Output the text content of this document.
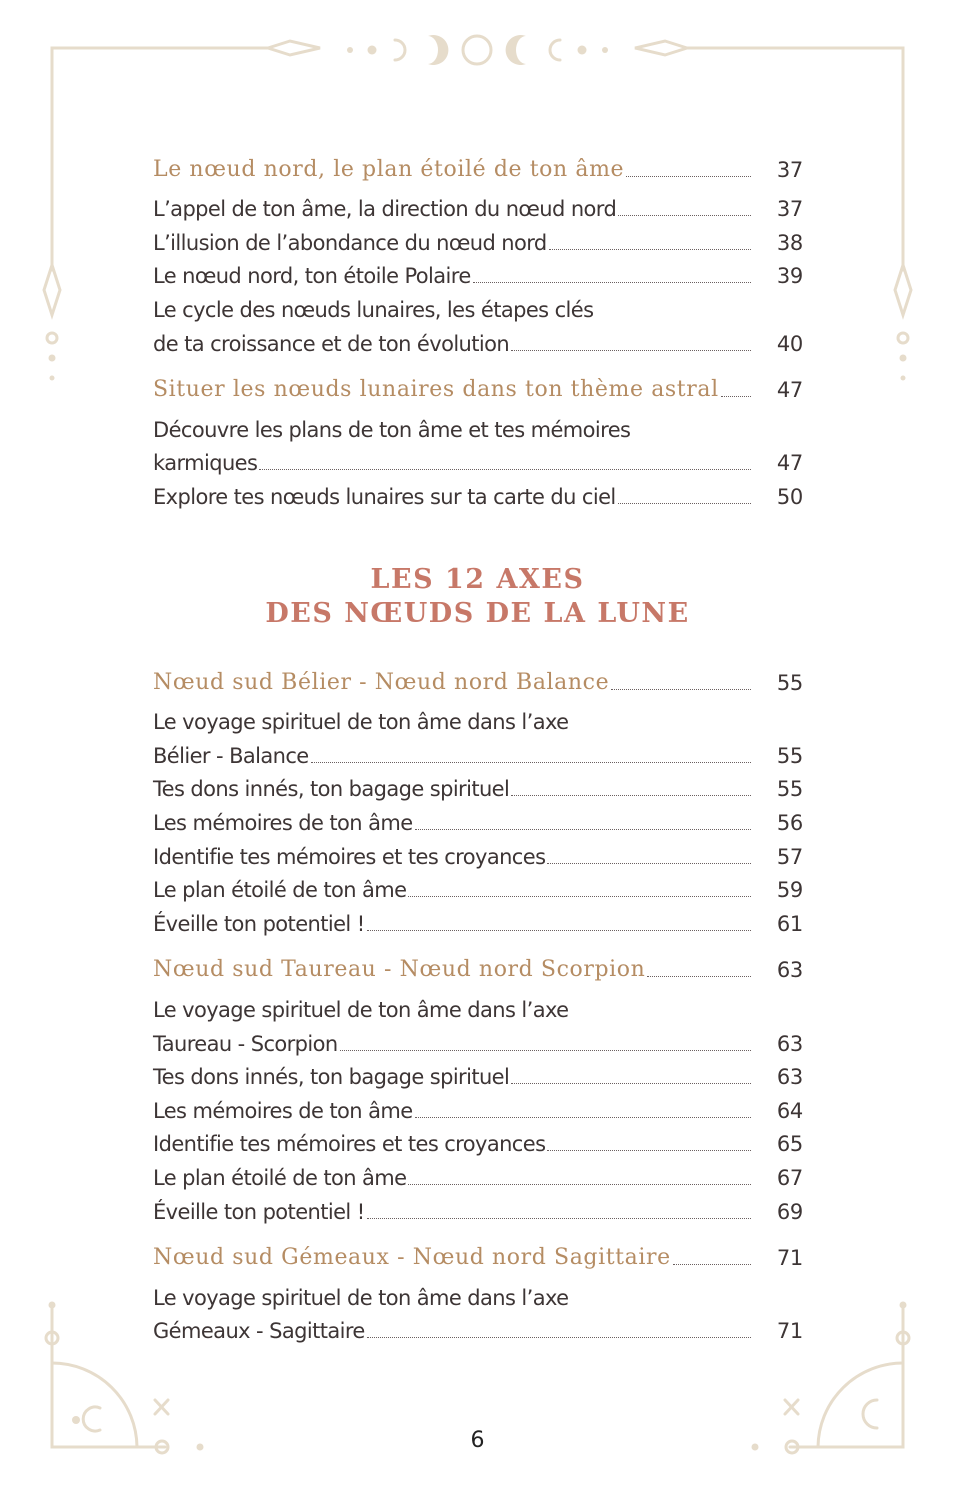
Le nœud nord, le plan étoilé de ton âme	37
L’appel de ton âme, la direction du nœud nord	37
L’illusion de l’abondance du nœud nord	38
Le nœud nord, ton étoile Polaire	39
Le cycle des nœuds lunaires, les étapes clés
de ta croissance et de ton évolution	40
Situer les nœuds lunaires dans ton thème astral	47
Découvre les plans de ton âme et tes mémoires
karmiques	47
Explore tes nœuds lunaires sur ta carte du ciel	50
LES 12 AXES
DES NŒUDS DE LA LUNE
Nœud sud Bélier - Nœud nord Balance	55
Le voyage spirituel de ton âme dans l’axe
Bélier - Balance	55
Tes dons innés, ton bagage spirituel	55
Les mémoires de ton âme	56
Identifie tes mémoires et tes croyances	57
Le plan étoilé de ton âme	59
Éveille ton potentiel !	61
Nœud sud Taureau - Nœud nord Scorpion	63
Le voyage spirituel de ton âme dans l’axe
Taureau - Scorpion	63
Tes dons innés, ton bagage spirituel	63
Les mémoires de ton âme	64
Identifie tes mémoires et tes croyances	65
Le plan étoilé de ton âme	67
Éveille ton potentiel !	69
Nœud sud Gémeaux - Nœud nord Sagittaire	71
Le voyage spirituel de ton âme dans l’axe
Gémeaux - Sagittaire	71
6
